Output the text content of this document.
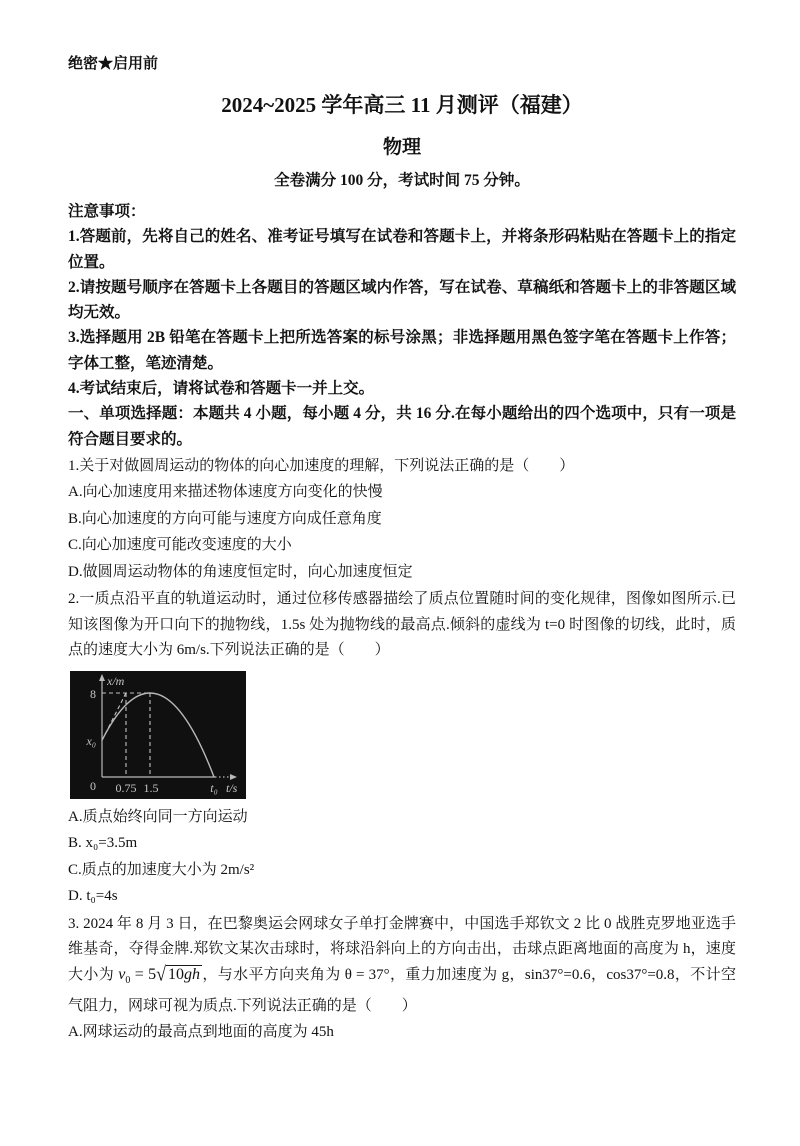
绝密★启用前
2024~2025 学年高三 11 月测评（福建）
物理
全卷满分 100 分，考试时间 75 分钟。

注意事项：

1.答题前，先将自己的姓名、准考证号填写在试卷和答题卡上，并将条形码粘贴在答题卡上的指定位置。

2.请按题号顺序在答题卡上各题目的答题区域内作答，写在试卷、草稿纸和答题卡上的非答题区域均无效。

3.选择题用 2B 铅笔在答题卡上把所选答案的标号涂黑；非选择题用黑色签字笔在答题卡上作答；字体工整，笔迹清楚。

4.考试结束后，请将试卷和答题卡一并上交。

一、单项选择题：本题共 4 小题，每小题 4 分，共 16 分.在每小题给出的四个选项中，只有一项是符合题目要求的。

1.关于对做圆周运动的物体的向心加速度的理解，下列说法正确的是（　　）

A.向心加速度用来描述物体速度方向变化的快慢

B.向心加速度的方向可能与速度方向成任意角度

C.向心加速度可能改变速度的大小

D.做圆周运动物体的角速度恒定时，向心加速度恒定

2.一质点沿平直的轨道运动时，通过位移传感器描绘了质点位置随时间的变化规律，图像如图所示.已知该图像为开口向下的抛物线，1.5s 处为抛物线的最高点.倾斜的虚线为 t=0 时图像的切线，此时，质点的速度大小为 6m/s.下列说法正确的是（　　）

x/m
8
x₀
0 0.75 1.5	t₀ t/s

A.质点始终向同一方向运动

B. x₀=3.5m

C.质点的加速度大小为 2m/s²

D. t₀=4s

3. 2024 年 8 月 3 日，在巴黎奥运会网球女子单打金牌赛中，中国选手郑钦文 2 比 0 战胜克罗地亚选手维基奇，夺得金牌.郑钦文某次击球时，将球沿斜向上的方向击出，击球点距离地面的高度为 h，速度大小为 $v_0 = 5√$ 10gh ，与水平方向夹角为 θ = 37°，重力加速度为 g，sin37°=0.6，cos37°=0.8，不计空气阻力，网球可视为质点.下列说法正确的是（　　）

A.网球运动的最高点到地面的高度为 45h
